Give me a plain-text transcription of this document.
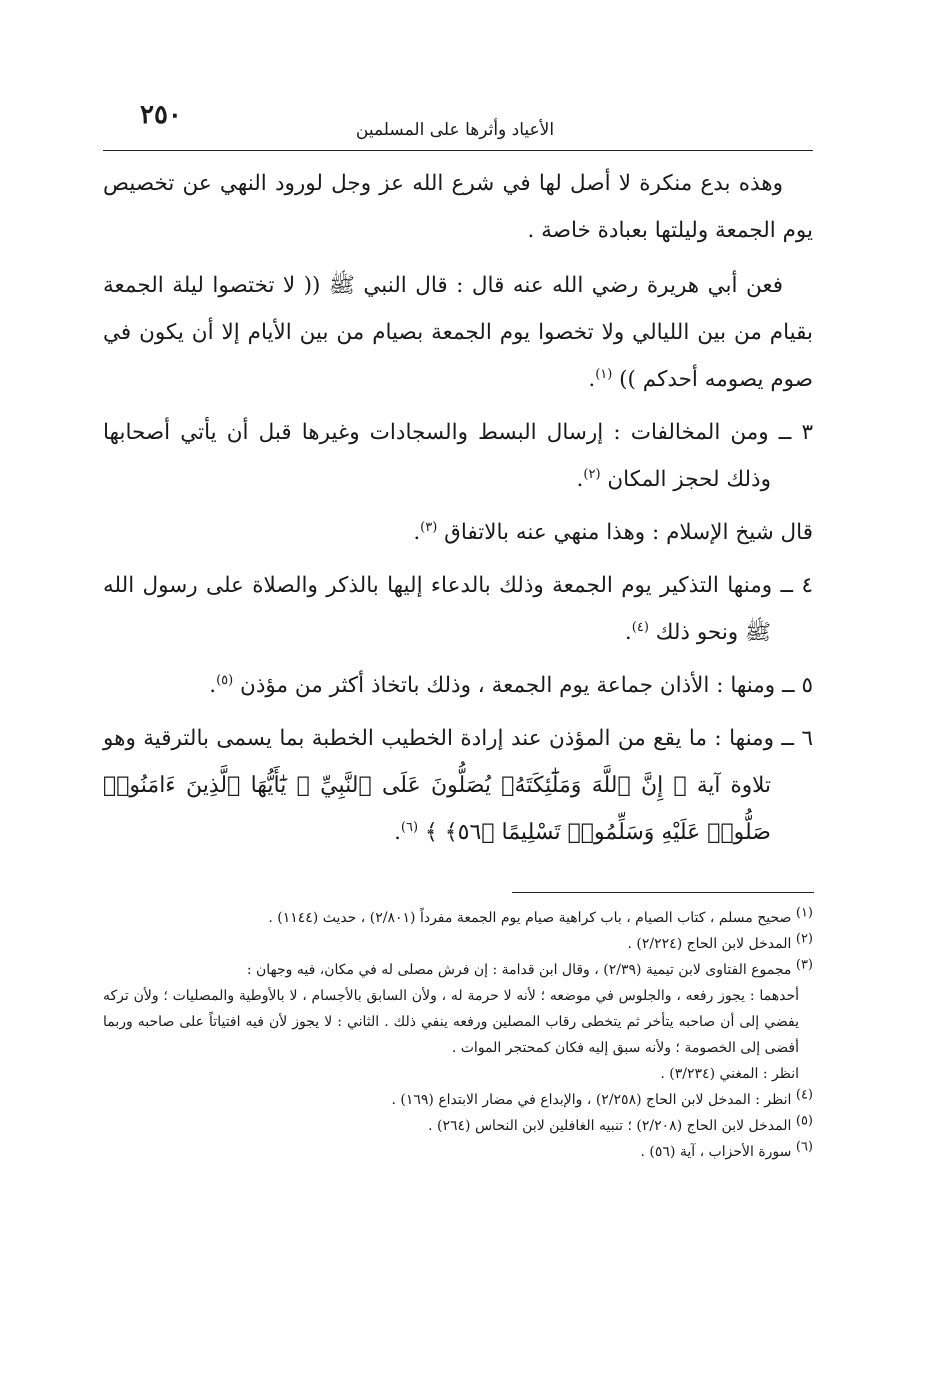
٢٥٠	الأعياد وأثرها على المسلمين

وهذه بدع منكرة لا أصل لها في شرع الله عز وجل لورود النهي عن تخصيص يوم الجمعة وليلتها بعبادة خاصة .

فعن أبي هريرة رضي الله عنه قال : قال النبي ﷺ (( لا تختصوا ليلة الجمعة بقيام من بين الليالي ولا تخصوا يوم الجمعة بصيام من بين الأيام إلا أن يكون في صوم يصومه أحدكم )) $^{(١)}$.

٣ ــ ومن المخالفات : إرسال البسط والسجادات وغيرها قبل أن يأتي أصحابها وذلك لحجز المكان $^{(٢)}$.

قال شيخ الإسلام : وهذا منهي عنه بالاتفاق $^{(٣)}$.

٤ ــ ومنها التذكير يوم الجمعة وذلك بالدعاء إليها بالذكر والصلاة على رسول الله ﷺ ونحو ذلك $^{(٤)}$.

٥ ــ ومنها : الأذان جماعة يوم الجمعة ، وذلك باتخاذ أكثر من مؤذن $^{(٥)}$.

٦ ــ ومنها : ما يقع من المؤذن عند إرادة الخطيب الخطبة بما يسمى بالترقية وهو تلاوة آية ﴿ إِنَّ ٱللَّهَ وَمَلَٰٓئِكَتَهُۥ يُصَلُّونَ عَلَى ٱلنَّبِيِّ ۚ يَٰٓأَيُّهَا ٱلَّذِينَ ءَامَنُوا۟ صَلُّوا۟ عَلَيْهِ وَسَلِّمُوا۟ تَسْلِيمًا ﴿٥٦﴾ ﴾ $^{(٦)}$.

$^{(١)}$ صحيح مسلم ، كتاب الصيام ، باب كراهية صيام يوم الجمعة مفرداً (٢/٨٠١) ، حديث (١١٤٤) .

$^{(٢)}$ المدخل لابن الحاج (٢/٢٢٤) .

$^{(٣)}$ مجموع الفتاوى لابن تيمية (٢/٣٩) ، وقال ابن قدامة : إن فرش مصلى له في مكان، فيه وجهان :

أحدهما : يجوز رفعه ، والجلوس في موضعه ؛ لأنه لا حرمة له ، ولأن السابق بالأجسام ، لا بالأوطية والمصليات ؛ ولأن تركه يفضي إلى أن صاحبه يتأخر ثم يتخطى رقاب المصلين ورفعه ينفي ذلك . الثاني : لا يجوز لأن فيه افتياتاً على صاحبه وربما أفضى إلى الخصومة ؛ ولأنه سبق إليه فكان كمحتجر الموات .

انظر : المغني (٣/٢٣٤) .

$^{(٤)}$ انظر : المدخل لابن الحاج (٢/٢٥٨) ، والإبداع في مضار الابتداع (١٦٩) .

$^{(٥)}$ المدخل لابن الحاج (٢/٢٠٨) ؛ تنبيه الغافلين لابن النحاس (٢٦٤) .

$^{(٦)}$ سورة الأحزاب ، آية (٥٦) .
